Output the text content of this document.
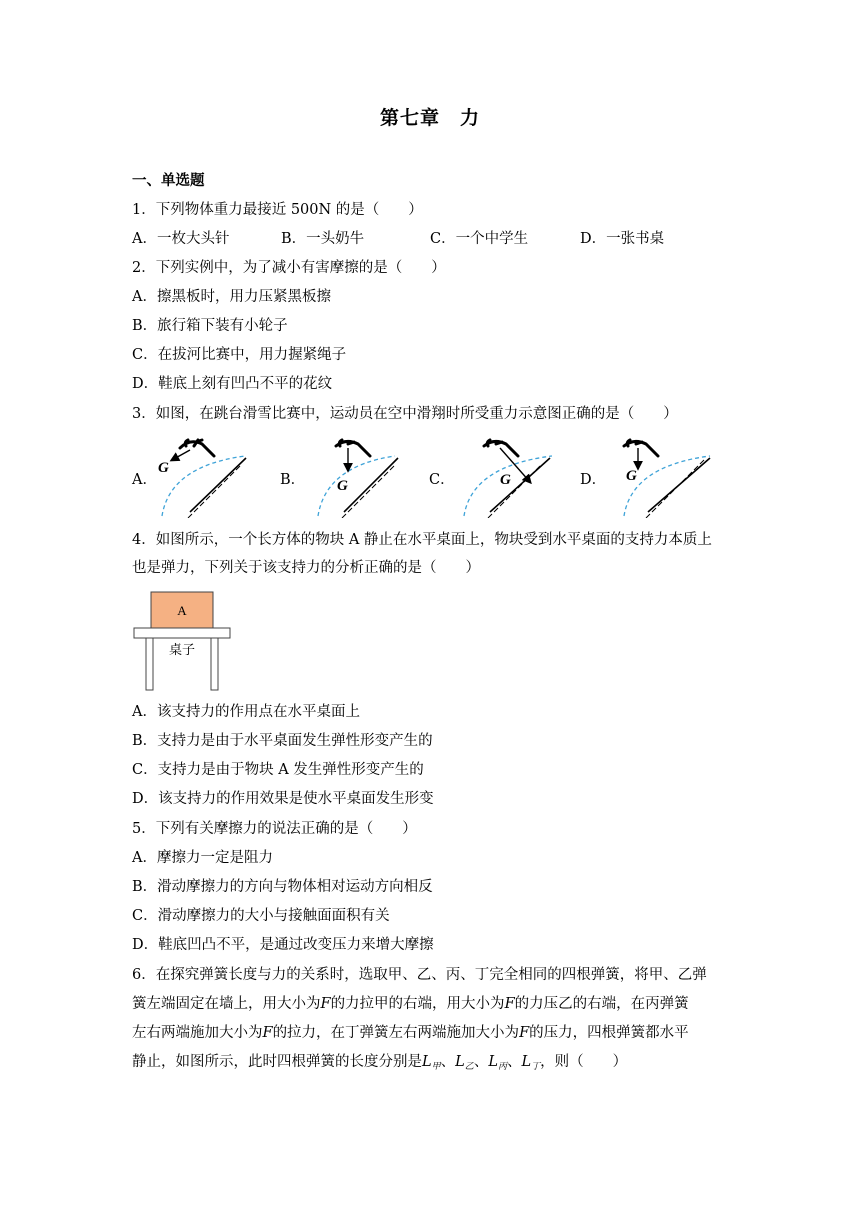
第七章　力
一、单选题
1．下列物体重力最接近 500N 的是（　　）
A．一枚大头针	B．一头奶牛	C．一个中学生	D．一张书桌
2．下列实例中，为了减小有害摩擦的是（　　）
A．擦黑板时，用力压紧黑板擦
B．旅行箱下装有小轮子
C．在拔河比赛中，用力握紧绳子
D．鞋底上刻有凹凸不平的花纹
3．如图，在跳台滑雪比赛中，运动员在空中滑翔时所受重力示意图正确的是（　　）
A．	B．	C．	D．
G
G	G	G
4．如图所示，一个长方体的物块 A 静止在水平桌面上，物块受到水平桌面的支持力本质上
也是弹力，下列关于该支持力的分析正确的是（　　）
A
桌子
A．该支持力的作用点在水平桌面上
B．支持力是由于水平桌面发生弹性形变产生的
C．支持力是由于物块 A 发生弹性形变产生的
D．该支持力的作用效果是使水平桌面发生形变
5．下列有关摩擦力的说法正确的是（　　）
A．摩擦力一定是阻力
B．滑动摩擦力的方向与物体相对运动方向相反
C．滑动摩擦力的大小与接触面面积有关
D．鞋底凹凸不平，是通过改变压力来增大摩擦
6．在探究弹簧长度与力的关系时，选取甲、乙、丙、丁完全相同的四根弹簧，将甲、乙弹
簧左端固定在墙上，用大小为F的力拉甲的右端，用大小为F的力压乙的右端，在丙弹簧
左右两端施加大小为F的拉力，在丁弹簧左右两端施加大小为F的压力，四根弹簧都水平
静止，如图所示，此时四根弹簧的长度分别是$L_甲$、$L_乙$、$L_丙$、$L_丁$，则（　　）
